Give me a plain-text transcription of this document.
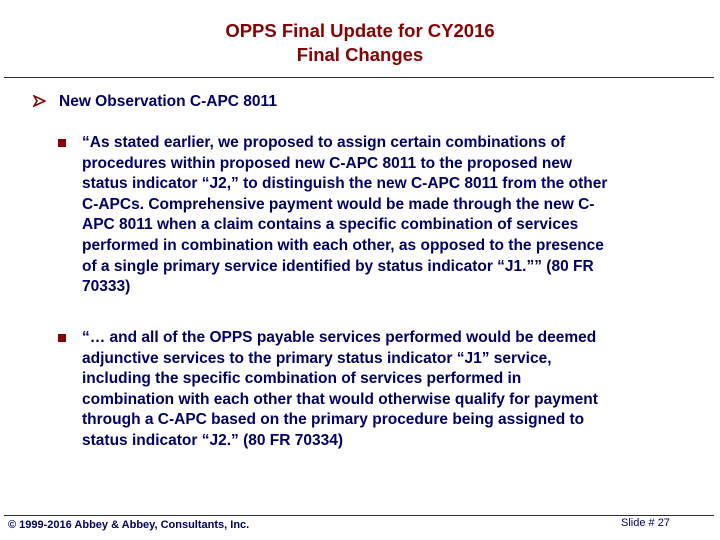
OPPS Final Update for CY2016
Final Changes
New Observation C-APC 8011
“As stated earlier, we proposed to assign certain combinations of
procedures within proposed new C-APC 8011 to the proposed new
status indicator “J2,” to distinguish the new C-APC 8011 from the other
C-APCs. Comprehensive payment would be made through the new C-
APC 8011 when a claim contains a specific combination of services
performed in combination with each other, as opposed to the presence
of a single primary service identified by status indicator “J1.”” (80 FR
70333)
“… and all of the OPPS payable services performed would be deemed
adjunctive services to the primary status indicator “J1” service,
including the specific combination of services performed in
combination with each other that would otherwise qualify for payment
through a C-APC based on the primary procedure being assigned to
status indicator “J2.” (80 FR 70334)
© 1999-2016 Abbey & Abbey, Consultants, Inc.	Slide # 27
